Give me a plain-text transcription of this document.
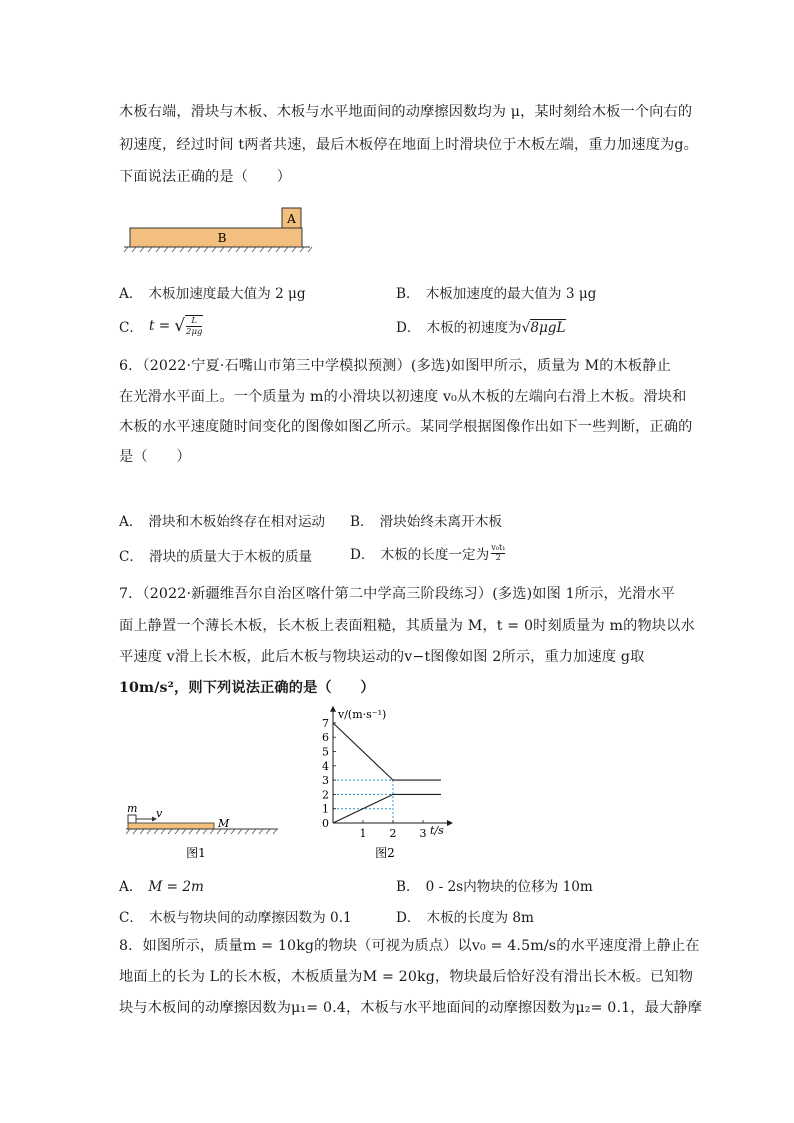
木板右端，滑块与木板、木板与水平地面间的动摩擦因数均为 μ，某时刻给木板一个向右的
初速度，经过时间 t两者共速，最后木板停在地面上时滑块位于木板左端，重力加速度为g。
下面说法正确的是（　　）
A
B
A． 木板加速度最大值为 2 μg	B． 木板加速度的最大值为 3 μg
C． t = √ L
2μg	D． 木板的初速度为√8μgL
6．（2022·宁夏·石嘴山市第三中学模拟预测）(多选)如图甲所示，质量为 M的木板静止
在光滑水平面上。一个质量为 m的小滑块以初速度 v₀从木板的左端向右滑上木板。滑块和
木板的水平速度随时间变化的图像如图乙所示。某同学根据图像作出如下一些判断，正确的
是（　　）
A． 滑块和木板始终存在相对运动 B． 滑块始终未离开木板
C． 滑块的质量大于木板的质量	D． 木板的长度一定为 v₀t₁
2
7．（2022·新疆维吾尔自治区喀什第二中学高三阶段练习）(多选)如图 1所示，光滑水平
面上静置一个薄长木板，长木板上表面粗糙，其质量为 M，t = 0时刻质量为 m的物块以水
平速度 v滑上长木板，此后木板与物块运动的v−t图像如图 2所示，重力加速度 g取
10m/s²，则下列说法正确的是（　　）
m v
M
图1
0
1
2
3
4
5
6
7
1 2 3
v/(m·s⁻¹)
t/s
图2
A． M = 2m	B． 0 - 2s内物块的位移为 10m
C． 木板与物块间的动摩擦因数为 0.1	D． 木板的长度为 8m
8．如图所示，质量m = 10kg的物块（可视为质点）以v₀ = 4.5m/s的水平速度滑上静止在
地面上的长为 L的长木板，木板质量为M = 20kg，物块最后恰好没有滑出长木板。已知物
块与木板间的动摩擦因数为μ₁= 0.4，木板与水平地面间的动摩擦因数为μ₂= 0.1，最大静摩
